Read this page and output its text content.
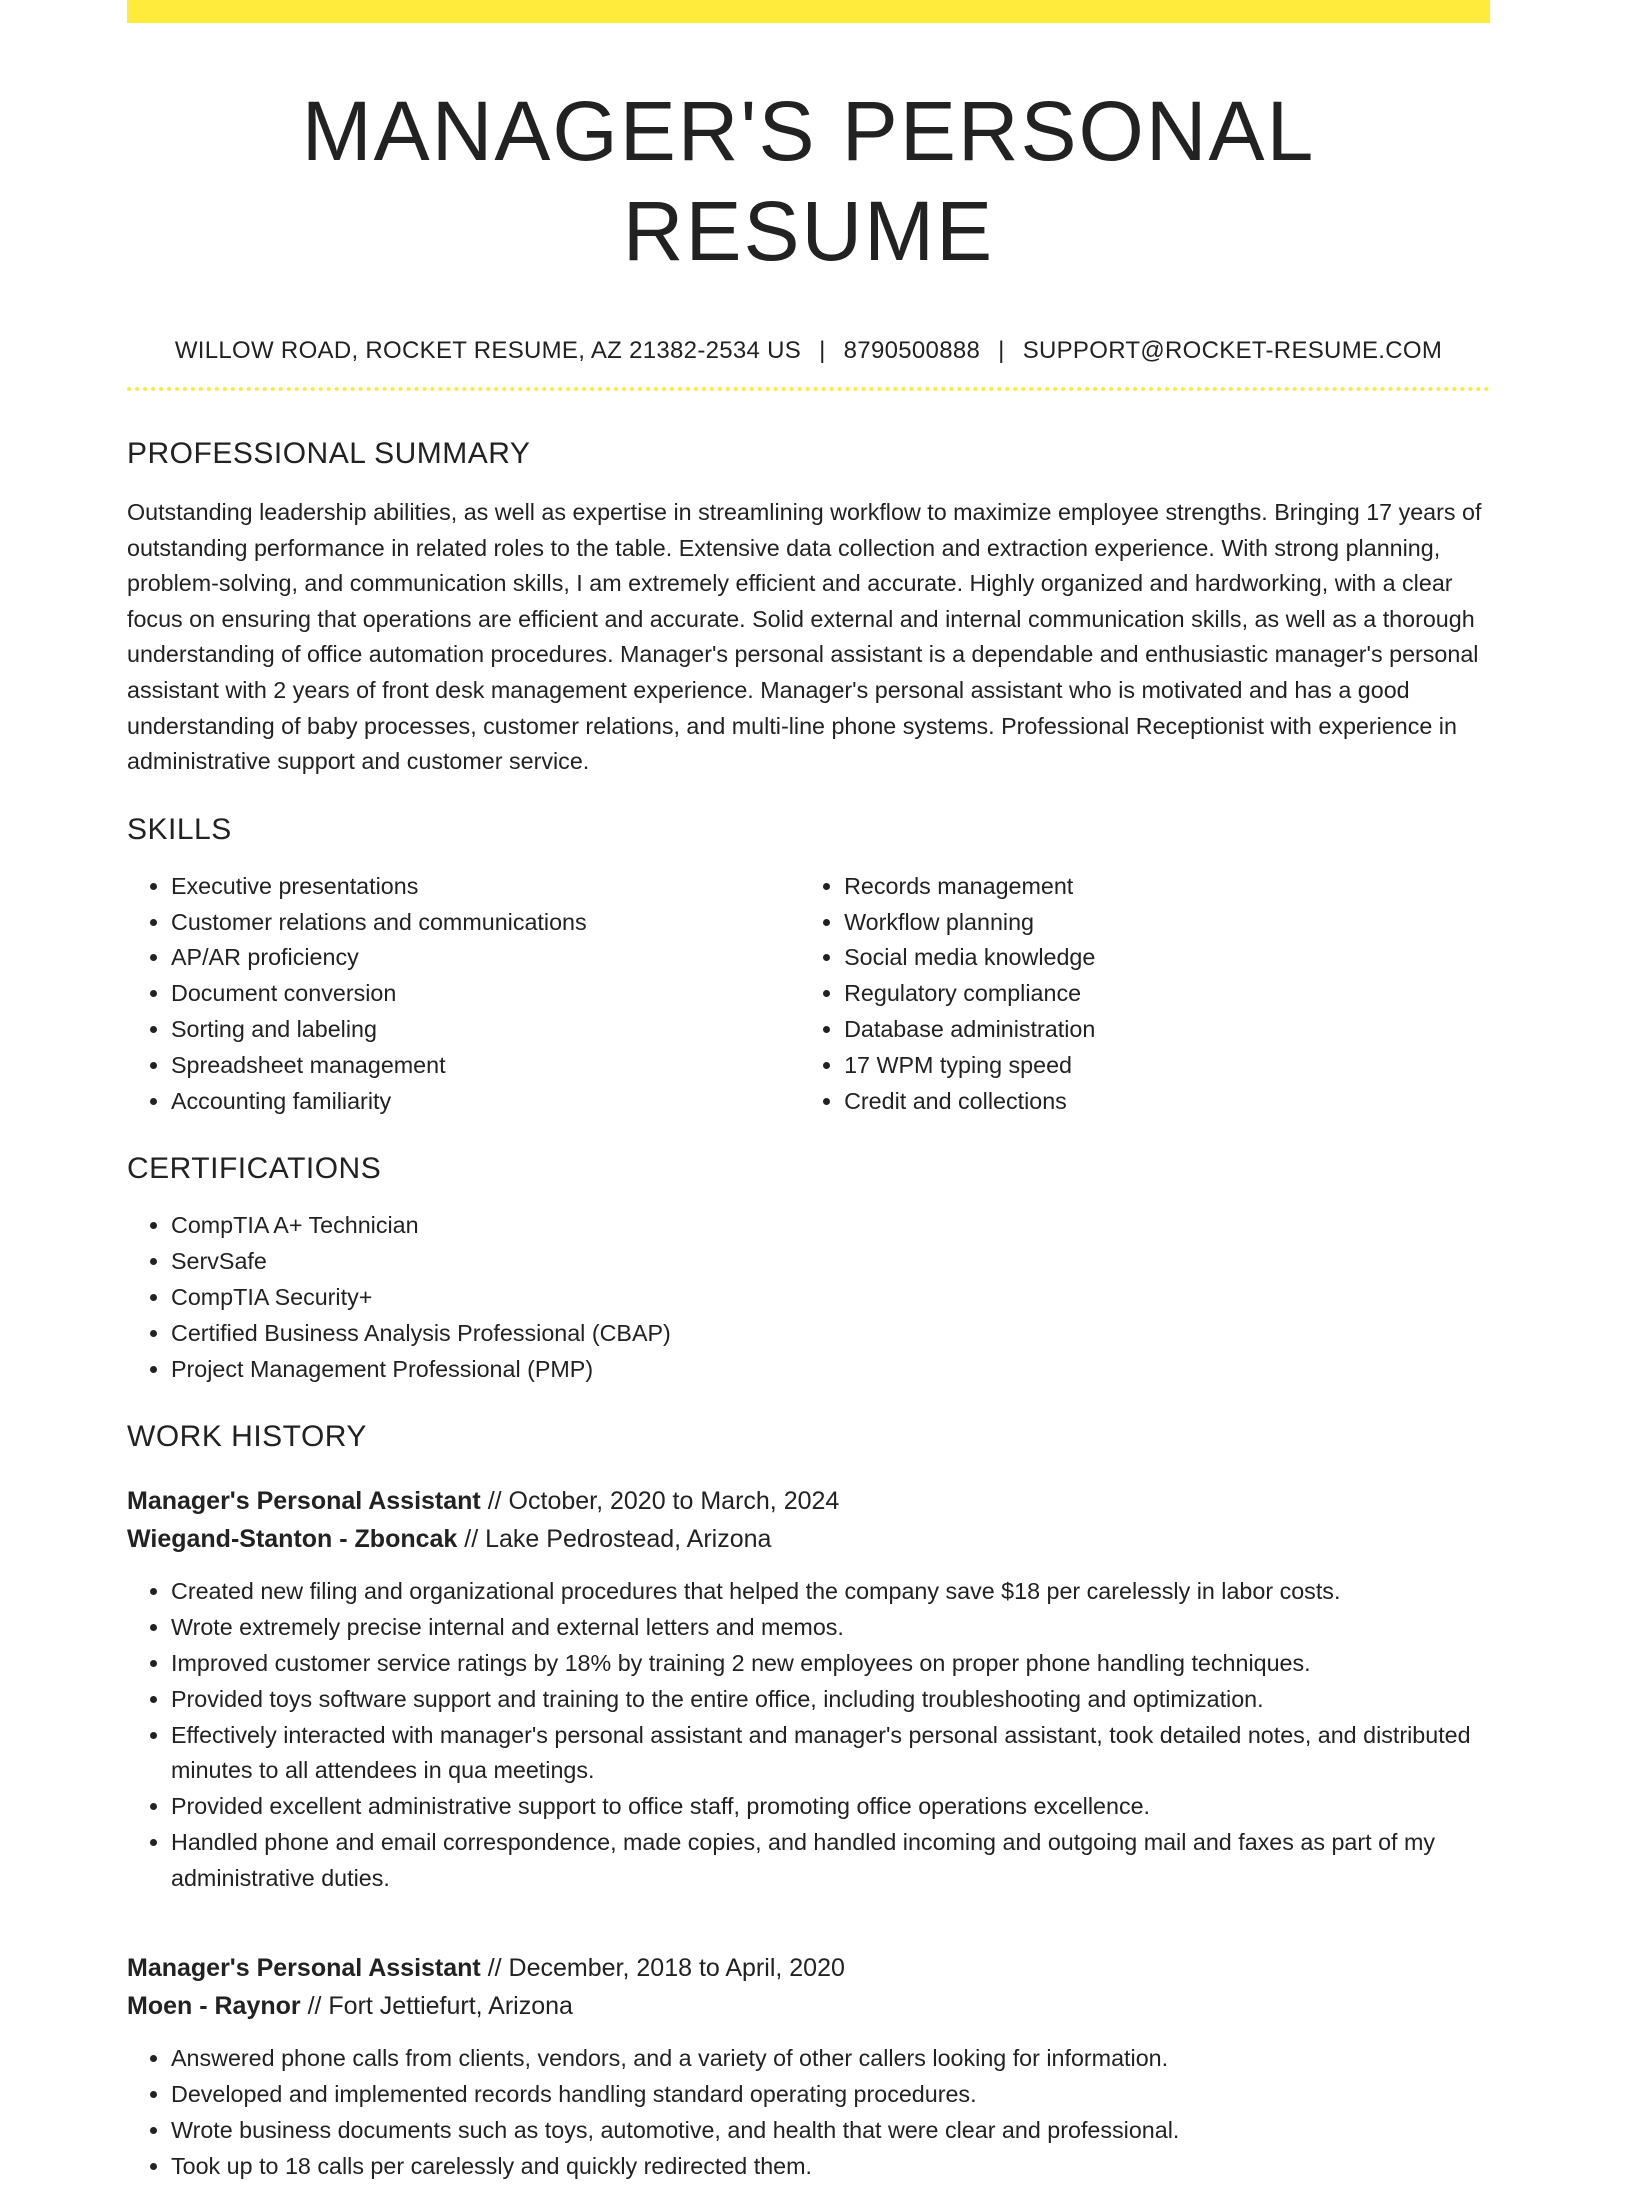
MANAGER'S PERSONAL RESUME
WILLOW ROAD, ROCKET RESUME, AZ 21382-2534 US | 8790500888 | SUPPORT@ROCKET-RESUME.COM
PROFESSIONAL SUMMARY

Outstanding leadership abilities, as well as expertise in streamlining workflow to maximize employee strengths. Bringing 17 years of outstanding performance in related roles to the table. Extensive data collection and extraction experience. With strong planning, problem-solving, and communication skills, I am extremely efficient and accurate. Highly organized and hardworking, with a clear focus on ensuring that operations are efficient and accurate. Solid external and internal communication skills, as well as a thorough understanding of office automation procedures. Manager's personal assistant is a dependable and enthusiastic manager's personal assistant with 2 years of front desk management experience. Manager's personal assistant who is motivated and has a good understanding of baby processes, customer relations, and multi-line phone systems. Professional Receptionist with experience in administrative support and customer service.

SKILLS
• Executive presentations
• Customer relations and communications
• AP/AR proficiency
• Document conversion
• Sorting and labeling
• Spreadsheet management
• Accounting familiarity
• Records management
• Workflow planning
• Social media knowledge
• Regulatory compliance
• Database administration
• 17 WPM typing speed
• Credit and collections
CERTIFICATIONS
• CompTIA A+ Technician
• ServSafe
• CompTIA Security+
• Certified Business Analysis Professional (CBAP)
• Project Management Professional (PMP)
WORK HISTORY
Manager's Personal Assistant // October, 2020 to March, 2024
Wiegand-Stanton - Zboncak // Lake Pedrostead, Arizona
• Created new filing and organizational procedures that helped the company save $18 per carelessly in labor costs.
• Wrote extremely precise internal and external letters and memos.
• Improved customer service ratings by 18% by training 2 new employees on proper phone handling techniques.
• Provided toys software support and training to the entire office, including troubleshooting and optimization.
• Effectively interacted with manager's personal assistant and manager's personal assistant, took detailed notes, and distributed minutes to all attendees in qua meetings.
• Provided excellent administrative support to office staff, promoting office operations excellence.
• Handled phone and email correspondence, made copies, and handled incoming and outgoing mail and faxes as part of my administrative duties.
Manager's Personal Assistant // December, 2018 to April, 2020
Moen - Raynor // Fort Jettiefurt, Arizona
• Answered phone calls from clients, vendors, and a variety of other callers looking for information.
• Developed and implemented records handling standard operating procedures.
• Wrote business documents such as toys, automotive, and health that were clear and professional.
• Took up to 18 calls per carelessly and quickly redirected them.
